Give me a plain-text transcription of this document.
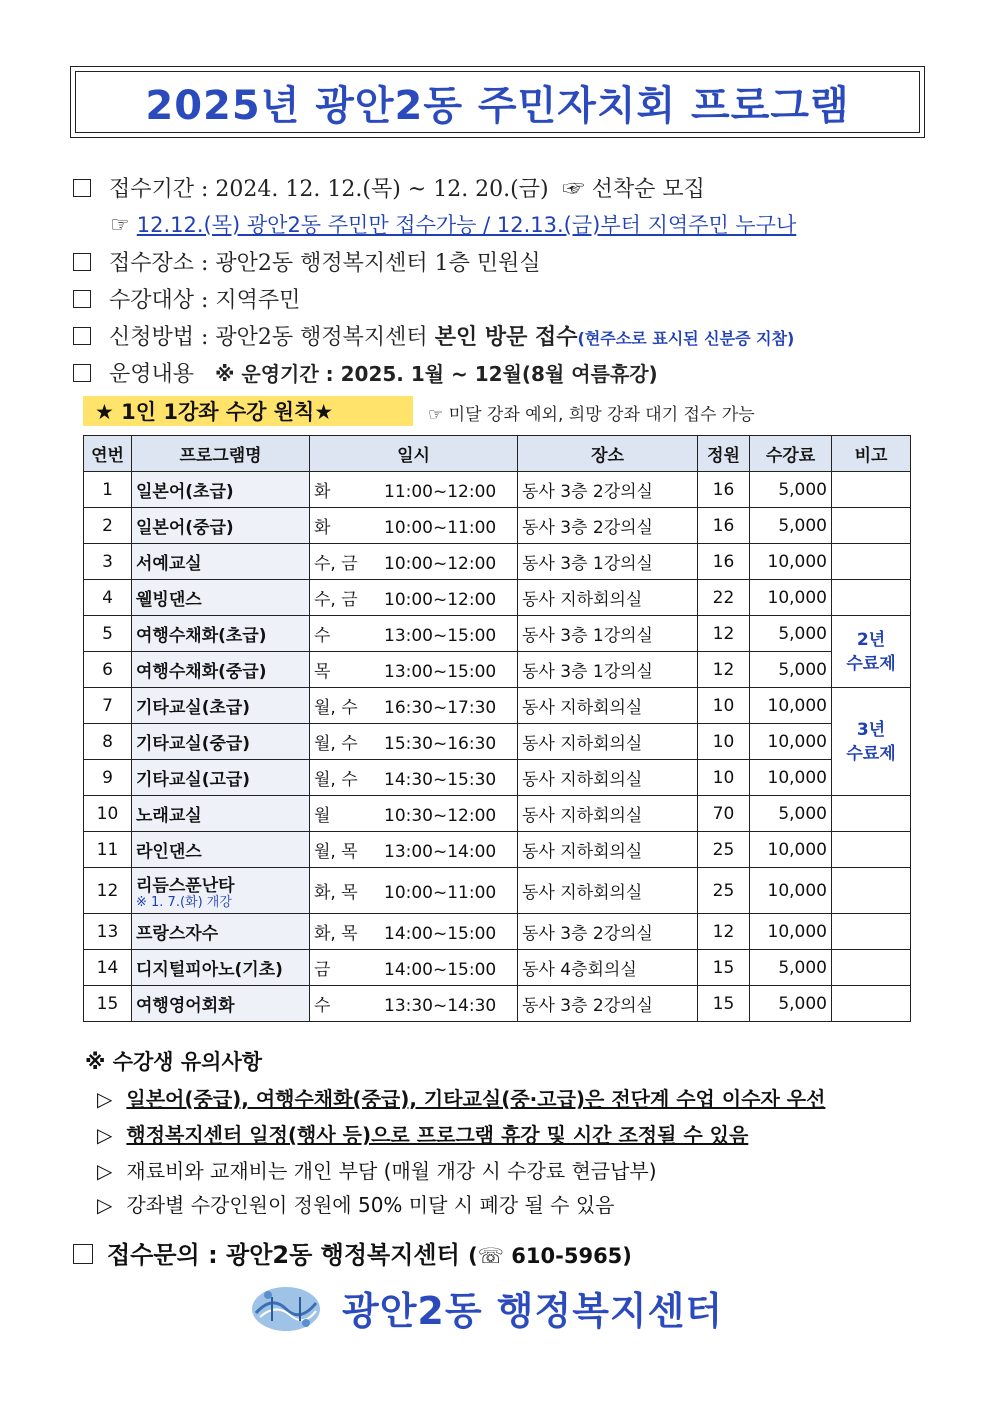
2025년 광안2동 주민자치회 프로그램
접수기간 : 2024. 12. 12.(목) ~ 12. 20.(금) ☞ 선착순 모집
☞ 12.12.(목) 광안2동 주민만 접수가능 / 12.13.(금)부터 지역주민 누구나
접수장소 : 광안2동 행정복지센터 1층 민원실
수강대상 : 지역주민
신청방법 : 광안2동 행정복지센터 본인 방문 접수(현주소로 표시된 신분증 지참)
운영내용 ※ 운영기간 : 2025. 1월 ~ 12월(8월 여름휴강)
★ 1인 1강좌 수강 원칙★	☞ 미달 강좌 예외, 희망 강좌 대기 접수 가능
연번	프로그램명	일시	장소	정원	수강료	비고
1	일본어(초급)	화 11:00~12:00	동사 3층 2강의실	16	5,000	
2	일본어(중급)	화 10:00~11:00	동사 3층 2강의실	16	5,000	
3	서예교실	수, 금 10:00~12:00	동사 3층 1강의실	16	10,000	
4	웰빙댄스	수, 금 10:00~12:00	동사 지하회의실	22	10,000	
5	여행수채화(초급)	수 13:00~15:00	동사 3층 1강의실	12	5,000	2년
수료제
6	여행수채화(중급)	목 13:00~15:00	동사 3층 1강의실	12	5,000	
7	기타교실(초급)	월, 수 16:30~17:30	동사 지하회의실	10	10,000	3년
수료제
8	기타교실(중급)	월, 수 15:30~16:30	동사 지하회의실	10	10,000	
9	기타교실(고급)	월, 수 14:30~15:30	동사 지하회의실	10	10,000	
10	노래교실	월 10:30~12:00	동사 지하회의실	70	5,000	
11	라인댄스	월, 목 13:00~14:00	동사 지하회의실	25	10,000	
12	리듬스푼난타
※ 1. 7.(화) 개강	화, 목 10:00~11:00	동사 지하회의실	25	10,000	
13	프랑스자수	화, 목 14:00~15:00	동사 3층 2강의실	12	10,000	
14	디지털피아노(기초)	금 14:00~15:00	동사 4층회의실	15	5,000	
15	여행영어회화	수 13:30~14:30	동사 3층 2강의실	15	5,000	
※ 수강생 유의사항
▷ 일본어(중급), 여행수채화(중급), 기타교실(중·고급)은 전단계 수업 이수자 우선
▷ 행정복지센터 일정(행사 등)으로 프로그램 휴강 및 시간 조정될 수 있음
▷ 재료비와 교재비는 개인 부담 (매월 개강 시 수강료 현금납부)
▷ 강좌별 수강인원이 정원에 50% 미달 시 폐강 될 수 있음
접수문의 : 광안2동 행정복지센터 (☏ 610-5965)
광안2동 행정복지센터
